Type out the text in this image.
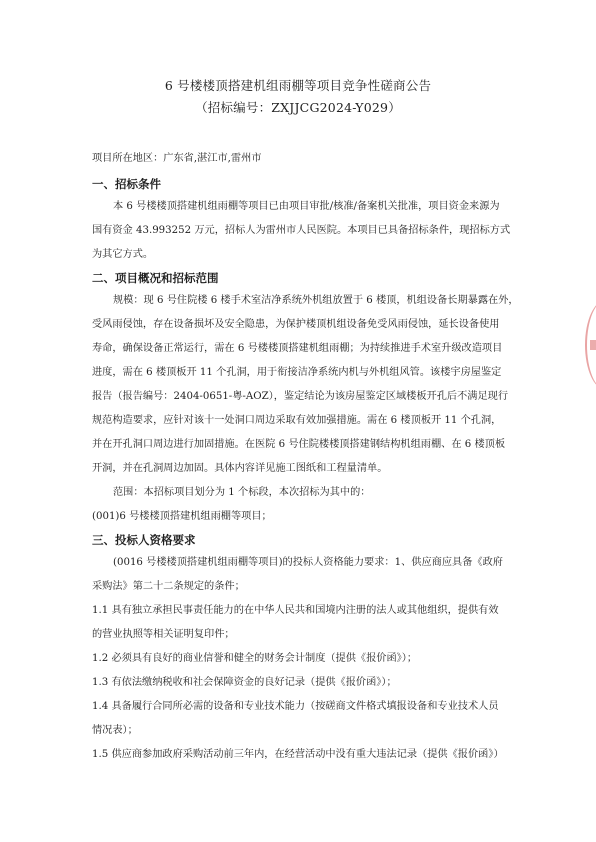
6 号楼楼顶搭建机组雨棚等项目竞争性磋商公告
（招标编号：ZXJJCG2024-Y029）
项目所在地区：广东省,湛江市,雷州市
一、招标条件
本 6 号楼楼顶搭建机组雨棚等项目已由项目审批/核准/备案机关批准，项目资金来源为
国有资金 43.993252 万元，招标人为雷州市人民医院。本项目已具备招标条件，现招标方式
为其它方式。
二、项目概况和招标范围
规模：现 6 号住院楼 6 楼手术室洁净系统外机组放置于 6 楼顶，机组设备长期暴露在外，
受风雨侵蚀，存在设备损坏及安全隐患，为保护楼顶机组设备免受风雨侵蚀，延长设备使用
寿命，确保设备正常运行，需在 6 号楼楼顶搭建机组雨棚；为持续推进手术室升级改造项目
进度，需在 6 楼顶板开 11 个孔洞，用于衔接洁净系统内机与外机组风管。该楼宇房屋鉴定
报告（报告编号：2404-0651-粤-AOZ），鉴定结论为该房屋鉴定区域楼板开孔后不满足现行
规范构造要求，应针对该十一处洞口周边采取有效加强措施。需在 6 楼顶板开 11 个孔洞，
并在开孔洞口周边进行加固措施。在医院 6 号住院楼楼顶搭建钢结构机组雨棚、在 6 楼顶板
开洞，并在孔洞周边加固。具体内容详见施工图纸和工程量清单。
范围：本招标项目划分为 1 个标段，本次招标为其中的：
(001)6 号楼楼顶搭建机组雨棚等项目；
三、投标人资格要求
(0016 号楼楼顶搭建机组雨棚等项目)的投标人资格能力要求：1、供应商应具备《政府
采购法》第二十二条规定的条件；
1.1 具有独立承担民事责任能力的在中华人民共和国境内注册的法人或其他组织，提供有效
的营业执照等相关证明复印件；
1.2 必须具有良好的商业信誉和健全的财务会计制度（提供《报价函》）；
1.3 有依法缴纳税收和社会保障资金的良好记录（提供《报价函》）；
1.4 具备履行合同所必需的设备和专业技术能力（按磋商文件格式填报设备和专业技术人员
情况表）；
1.5 供应商参加政府采购活动前三年内，在经营活动中没有重大违法记录（提供《报价函》）
